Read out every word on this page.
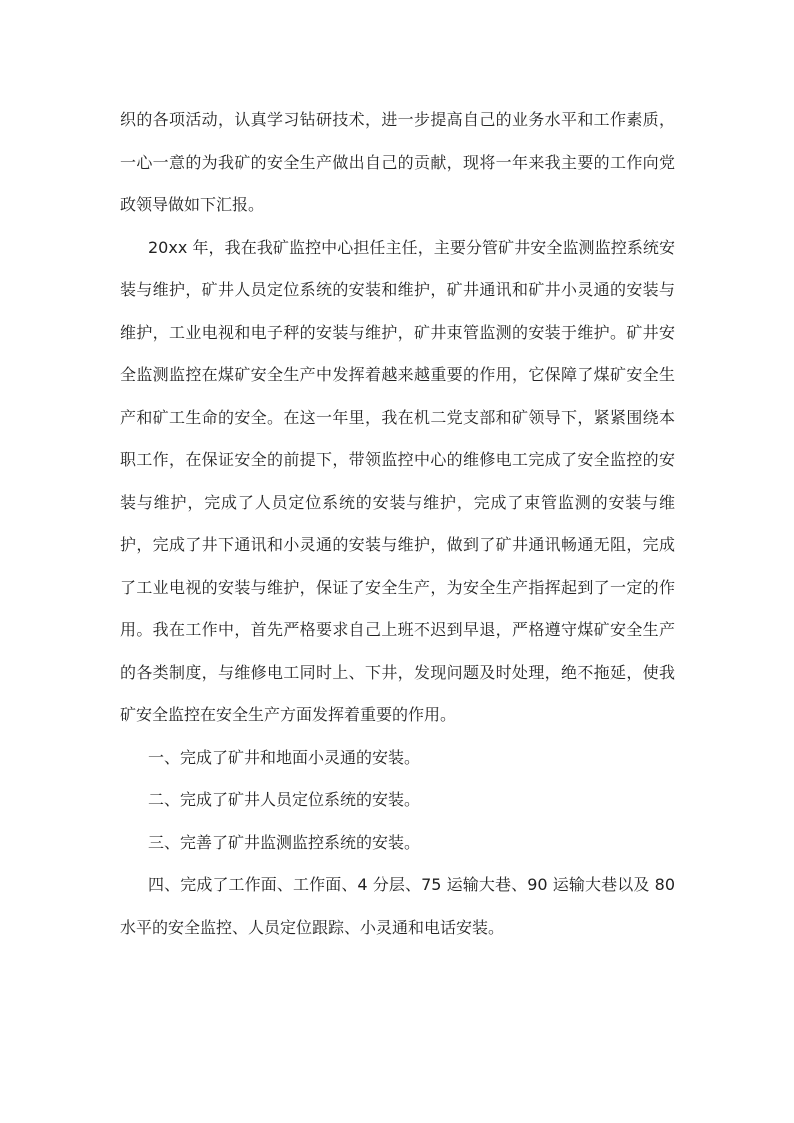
织的各项活动，认真学习钻研技术，进一步提高自己的业务水平和工作素质，一心一意的为我矿的安全生产做出自己的贡献，现将一年来我主要的工作向党政领导做如下汇报。

20xx 年，我在我矿监控中心担任主任，主要分管矿井安全监测监控系统安装与维护，矿井人员定位系统的安装和维护，矿井通讯和矿井小灵通的安装与维护，工业电视和电子秤的安装与维护，矿井束管监测的安装于维护。矿井安全监测监控在煤矿安全生产中发挥着越来越重要的作用，它保障了煤矿安全生产和矿工生命的安全。在这一年里，我在机二党支部和矿领导下，紧紧围绕本职工作，在保证安全的前提下，带领监控中心的维修电工完成了安全监控的安装与维护，完成了人员定位系统的安装与维护，完成了束管监测的安装与维护，完成了井下通讯和小灵通的安装与维护，做到了矿井通讯畅通无阻，完成了工业电视的安装与维护，保证了安全生产，为安全生产指挥起到了一定的作用。我在工作中，首先严格要求自己上班不迟到早退，严格遵守煤矿安全生产的各类制度，与维修电工同时上、下井，发现问题及时处理，绝不拖延，使我矿安全监控在安全生产方面发挥着重要的作用。

一、完成了矿井和地面小灵通的安装。

二、完成了矿井人员定位系统的安装。

三、完善了矿井监测监控系统的安装。

四、完成了工作面、工作面、4 分层、75 运输大巷、90 运输大巷以及 80 水平的安全监控、人员定位跟踪、小灵通和电话安装。
